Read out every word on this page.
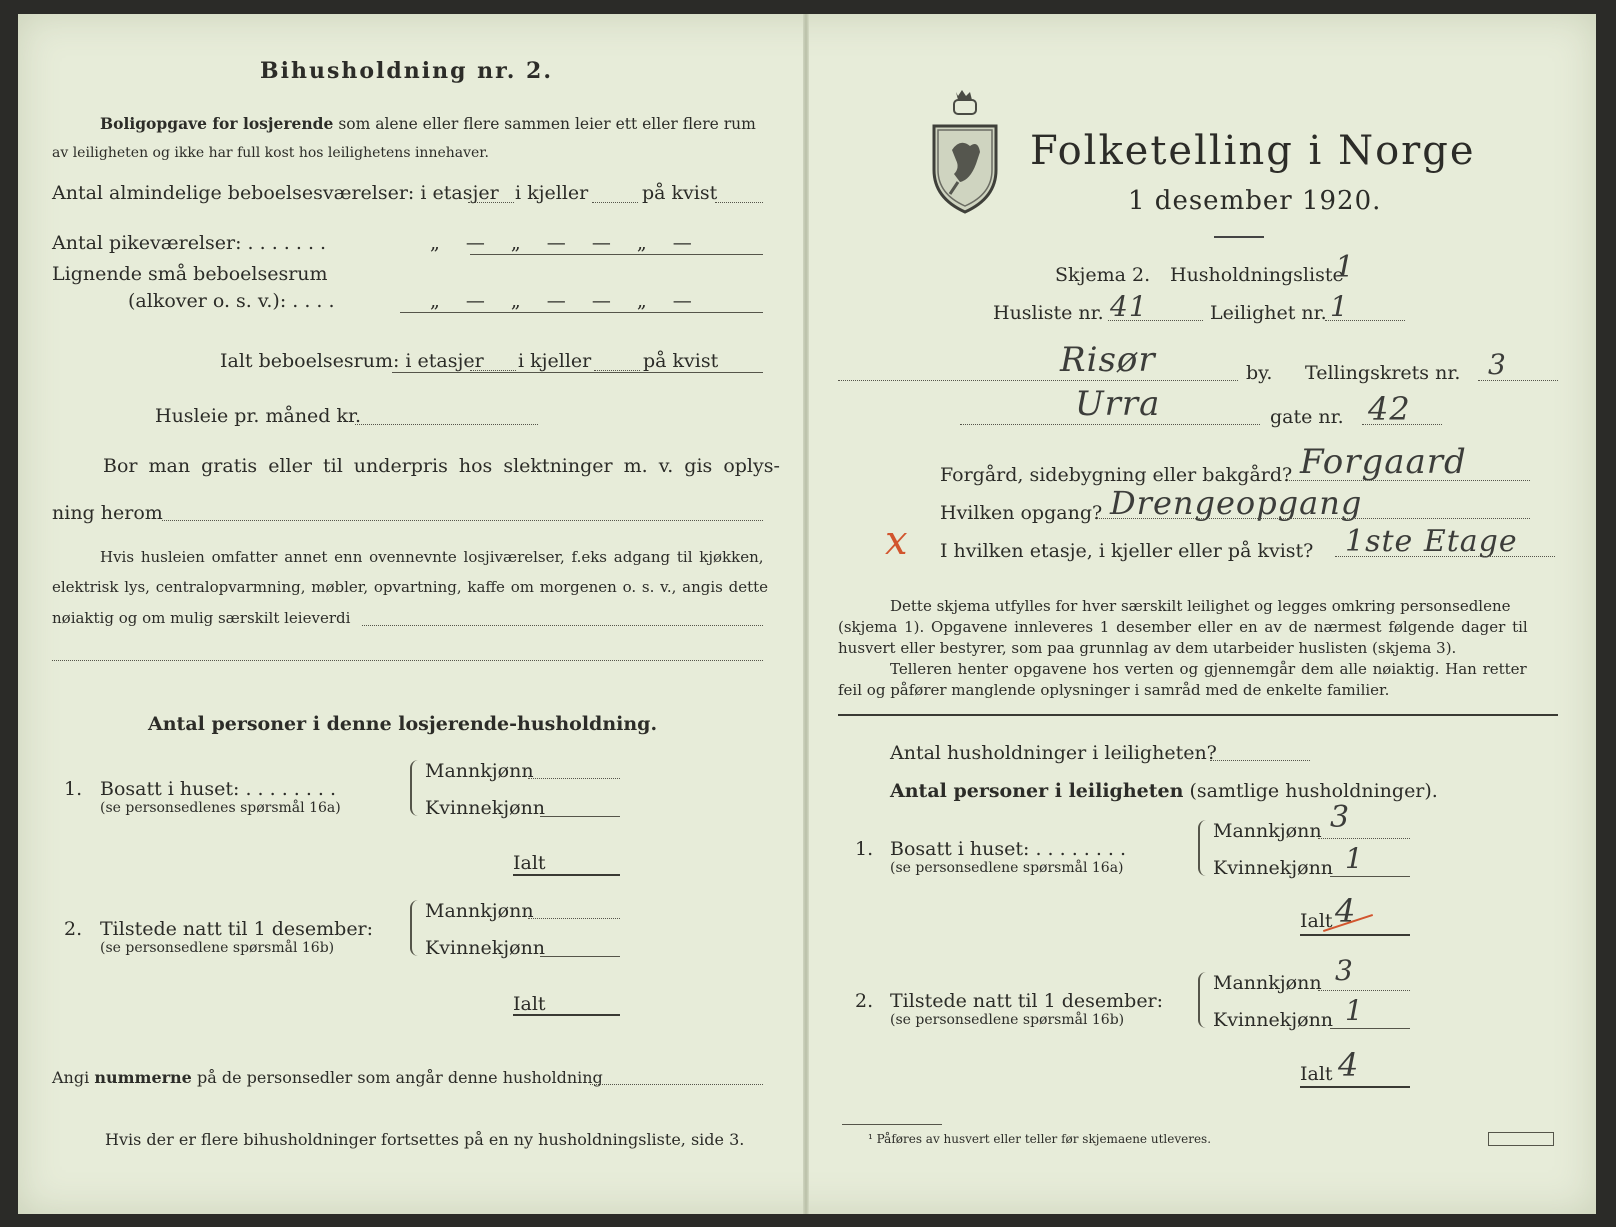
Bihusholdning nr. 2.
Boligopgave for losjerende som alene eller flere sammen leier ett eller flere rum
av leiligheten og ikke har full kost hos leilighetens innehaver.
Antal almindelige beboelsesværelser: i etasjer i kjeller	på kvist
Antal pikeværelser: . . . . . . .	„ — „ — — „ —
Lignende små beboelsesrum
(alkover o. s. v.): . . . .	„ — „ — — „ —
Ialt beboelsesrum: i etasjer i kjeller	på kvist
Husleie pr. måned kr.
Bor man gratis eller til underpris hos slektninger m. v. gis oplys-
ning herom
Hvis husleien omfatter annet enn ovennevnte losjiværelser, f.eks adgang til kjøkken,
elektrisk lys, centralopvarmning, møbler, opvartning, kaffe om morgenen o. s. v., angis dette
nøiaktig og om mulig særskilt leieverdi
Antal personer i denne losjerende-husholdning.
1. Bosatt i huset: . . . . . . . .
(se personsedlenes spørsmål 16a)
Mannkjønn
Kvinnekjønn
Ialt
2. Tilstede natt til 1 desember:
(se personsedlene spørsmål 16b)
Mannkjønn
Kvinnekjønn
Ialt
Angi nummerne på de personsedler som angår denne husholdning
Hvis der er flere bihusholdninger fortsettes på en ny husholdningsliste, side 3.
Folketelling i Norge
1 desember 1920.
Skjema 2. Husholdningsliste
1
Husliste nr. 41	Leilighet nr. 1
Risør	by. Tellingskrets nr. 3
Urra	gate nr. 42
Forgård, sidebygning eller bakgård? Forgaard
Hvilken opgang? Drengeopgang
x I hvilken etasje, i kjeller eller på kvist? 1ste Etage
Dette skjema utfylles for hver særskilt leilighet og legges omkring personsedlene
(skjema 1). Opgavene innleveres 1 desember eller en av de nærmest følgende dager til
husvert eller bestyrer, som paa grunnlag av dem utarbeider huslisten (skjema 3).
Telleren henter opgavene hos verten og gjennemgår dem alle nøiaktig. Han retter
feil og påfører manglende oplysninger i samråd med de enkelte familier.
Antal husholdninger i leiligheten?
Antal personer i leiligheten (samtlige husholdninger).
1. Bosatt i huset: . . . . . . . .
(se personsedlene spørsmål 16a)
Mannkjønn 3
Kvinnekjønn 1
Ialt 4
2. Tilstede natt til 1 desember:
(se personsedlene spørsmål 16b)
Mannkjønn 3
Kvinnekjønn 1
Ialt 4
¹ Påføres av husvert eller teller før skjemaene utleveres.
